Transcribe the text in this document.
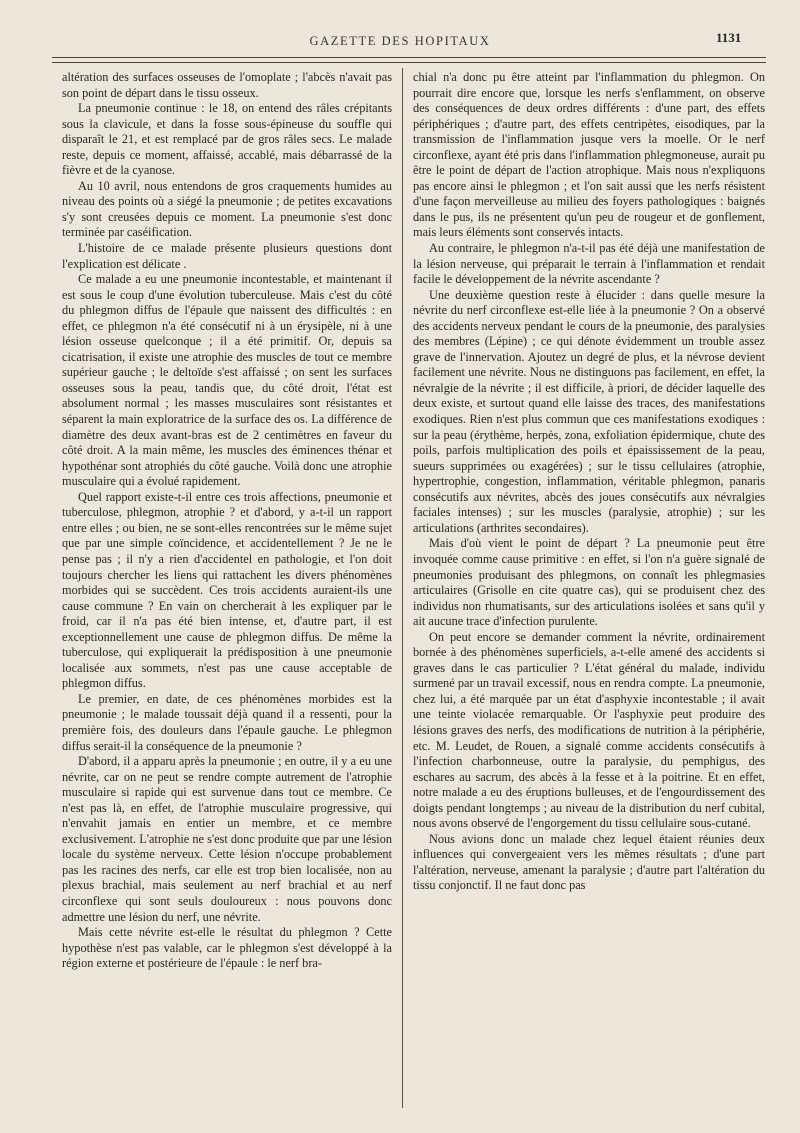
GAZETTE DES HOPITAUX	1131

altération des surfaces osseuses de l'omoplate ; l'abcès n'avait pas son point de départ dans le tissu osseux.

La pneumonie continue : le 18, on entend des râles crépitants sous la clavicule, et dans la fosse sous-épineuse du souffle qui disparaît le 21, et est remplacé par de gros râles secs. Le malade reste, depuis ce moment, affaissé, accablé, mais débarrassé de la fièvre et de la cyanose.

Au 10 avril, nous entendons de gros craquements humides au niveau des points où a siégé la pneumonie ; de petites excavations s'y sont creusées depuis ce moment. La pneumonie s'est donc terminée par caséification.

L'histoire de ce malade présente plusieurs questions dont l'explication est délicate .

Ce malade a eu une pneumonie incontestable, et maintenant il est sous le coup d'une évolution tuberculeuse. Mais c'est du côté du phlegmon diffus de l'épaule que naissent des difficultés : en effet, ce phlegmon n'a été consécutif ni à un érysipèle, ni à une lésion osseuse quelconque ; il a été primitif. Or, depuis sa cicatrisation, il existe une atrophie des muscles de tout ce membre supérieur gauche ; le deltoïde s'est affaissé ; on sent les surfaces osseuses sous la peau, tandis que, du côté droit, l'état est absolument normal ; les masses musculaires sont résistantes et séparent la main exploratrice de la surface des os. La différence de diamètre des deux avant-bras est de 2 centimètres en faveur du côté droit. A la main même, les muscles des éminences thénar et hypothénar sont atrophiés du côté gauche. Voilà donc une atrophie musculaire qui a évolué rapidement.

Quel rapport existe-t-il entre ces trois affections, pneumonie et tuberculose, phlegmon, atrophie ? et d'abord, y a-t-il un rapport entre elles ; ou bien, ne se sont-elles rencontrées sur le même sujet que par une simple coïncidence, et accidentellement ? Je ne le pense pas ; il n'y a rien d'accidentel en pathologie, et l'on doit toujours chercher les liens qui rattachent les divers phénomènes morbides qui se succèdent. Ces trois accidents auraient-ils une cause commune ? En vain on chercherait à les expliquer par le froid, car il n'a pas été bien intense, et, d'autre part, il est exceptionnellement une cause de phlegmon diffus. De même la tuberculose, qui expliquerait la prédisposition à une pneumonie localisée aux sommets, n'est pas une cause acceptable de phlegmon diffus.

Le premier, en date, de ces phénomènes morbides est la pneumonie ; le malade toussait déjà quand il a ressenti, pour la première fois, des douleurs dans l'épaule gauche. Le phlegmon diffus serait-il la conséquence de la pneumonie ?

D'abord, il a apparu après la pneumonie ; en outre, il y a eu une névrite, car on ne peut se rendre compte autrement de l'atrophie musculaire si rapide qui est survenue dans tout ce membre. Ce n'est pas là, en effet, de l'atrophie musculaire progressive, qui n'envahit jamais en entier un membre, et ce membre exclusivement. L'atrophie ne s'est donc produite que par une lésion locale du système nerveux. Cette lésion n'occupe probablement pas les racines des nerfs, car elle est trop bien localisée, non au plexus brachial, mais seulement au nerf brachial et au nerf circonflexe qui sont seuls douloureux : nous pouvons donc admettre une lésion du nerf, une névrite.

Mais cette névrite est-elle le résultat du phlegmon ? Cette hypothèse n'est pas valable, car le phlegmon s'est développé à la région externe et postérieure de l'épaule : le nerf bra-

chial n'a donc pu être atteint par l'inflammation du phlegmon. On pourrait dire encore que, lorsque les nerfs s'enflamment, on observe des conséquences de deux ordres différents : d'une part, des effets périphériques ; d'autre part, des effets centripètes, eisodiques, par la transmission de l'inflammation jusque vers la moelle. Or le nerf circonflexe, ayant été pris dans l'inflammation phlegmoneuse, aurait pu être le point de départ de l'action atrophique. Mais nous n'expliquons pas encore ainsi le phlegmon ; et l'on sait aussi que les nerfs résistent d'une façon merveilleuse au milieu des foyers pathologiques : baignés dans le pus, ils ne présentent qu'un peu de rougeur et de gonflement, mais leurs éléments sont conservés intacts.

Au contraire, le phlegmon n'a-t-il pas été déjà une manifestation de la lésion nerveuse, qui préparait le terrain à l'inflammation et rendait facile le développement de la névrite ascendante ?

Une deuxième question reste à élucider : dans quelle mesure la névrite du nerf circonflexe est-elle liée à la pneumonie ? On a observé des accidents nerveux pendant le cours de la pneumonie, des paralysies des membres (Lépine) ; ce qui dénote évidemment un trouble assez grave de l'innervation. Ajoutez un degré de plus, et la névrose devient facilement une névrite. Nous ne distinguons pas facilement, en effet, la névralgie de la névrite ; il est difficile, à priori, de décider laquelle des deux existe, et surtout quand elle laisse des traces, des manifestations exodiques. Rien n'est plus commun que ces manifestations exodiques : sur la peau (érythème, herpès, zona, exfoliation épidermique, chute des poils, parfois multiplication des poils et épaississement de la peau, sueurs supprimées ou exagérées) ; sur le tissu cellulaires (atrophie, hypertrophie, congestion, inflammation, véritable phlegmon, panaris consécutifs aux névrites, abcès des joues consécutifs aux névralgies faciales intenses) ; sur les muscles (paralysie, atrophie) ; sur les articulations (arthrites secondaires).

Mais d'où vient le point de départ ? La pneumonie peut être invoquée comme cause primitive : en effet, si l'on n'a guère signalé de pneumonies produisant des phlegmons, on connaît les phlegmasies articulaires (Grisolle en cite quatre cas), qui se produisent chez des individus non rhumatisants, sur des articulations isolées et sans qu'il y ait aucune trace d'infection purulente.

On peut encore se demander comment la névrite, ordinairement bornée à des phénomènes superficiels, a-t-elle amené des accidents si graves dans le cas particulier ? L'état général du malade, individu surmené par un travail excessif, nous en rendra compte. La pneumonie, chez lui, a été marquée par un état d'asphyxie incontestable ; il avait une teinte violacée remarquable. Or l'asphyxie peut produire des lésions graves des nerfs, des modifications de nutrition à la périphérie, etc. M. Leudet, de Rouen, a signalé comme accidents consécutifs à l'infection charbonneuse, outre la paralysie, du pemphigus, des eschares au sacrum, des abcès à la fesse et à la poitrine. Et en effet, notre malade a eu des éruptions bulleuses, et de l'engourdissement des doigts pendant longtemps ; au niveau de la distribution du nerf cubital, nous avons observé de l'engorgement du tissu cellulaire sous-cutané.

Nous avions donc un malade chez lequel étaient réunies deux influences qui convergeaient vers les mêmes résultats ; d'une part l'altération, nerveuse, amenant la paralysie ; d'autre part l'altération du tissu conjonctif. Il ne faut donc pas
